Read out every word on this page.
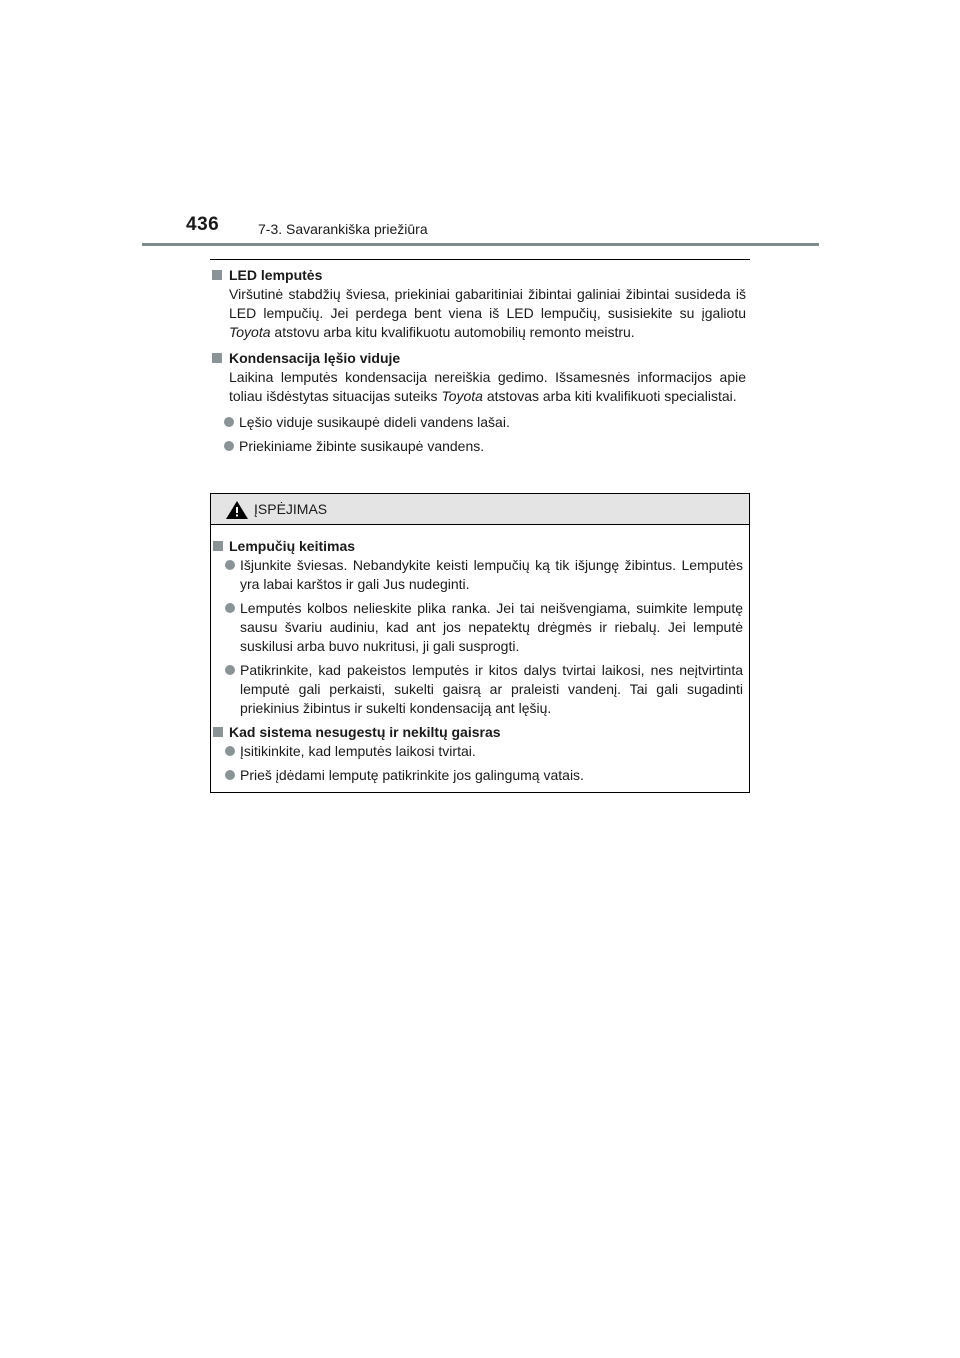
436	7-3. Savarankiška priežiūra

LED lemputės

Viršutinė stabdžių šviesa, priekiniai gabaritiniai žibintai galiniai žibintai susideda iš LED lempučių. Jei perdega bent viena iš LED lempučių, susisiekite su įgaliotu Toyota atstovu arba kitu kvalifikuotu automobilių remonto meistru.

Kondensacija lęšio viduje

Laikina lemputės kondensacija nereiškia gedimo. Išsamesnės informacijos apie toliau išdėstytas situacijas suteiks Toyota atstovas arba kiti kvalifikuoti specialistai.

Lęšio viduje susikaupė dideli vandens lašai.

Priekiniame žibinte susikaupė vandens.

ĮSPĖJIMAS

Lempučių keitimas

Išjunkite šviesas. Nebandykite keisti lempučių ką tik išjungę žibintus. Lemputės yra labai karštos ir gali Jus nudeginti.

Lemputės kolbos nelieskite plika ranka. Jei tai neišvengiama, suimkite lemputę sausu švariu audiniu, kad ant jos nepatektų drėgmės ir riebalų. Jei lemputė suskilusi arba buvo nukritusi, ji gali susprogti.

Patikrinkite, kad pakeistos lemputės ir kitos dalys tvirtai laikosi, nes neįtvirtinta lemputė gali perkaisti, sukelti gaisrą ar praleisti vandenį. Tai gali sugadinti priekinius žibintus ir sukelti kondensaciją ant lęšių.

Kad sistema nesugestų ir nekiltų gaisras

Įsitikinkite, kad lemputės laikosi tvirtai.

Prieš įdėdami lemputę patikrinkite jos galingumą vatais.
